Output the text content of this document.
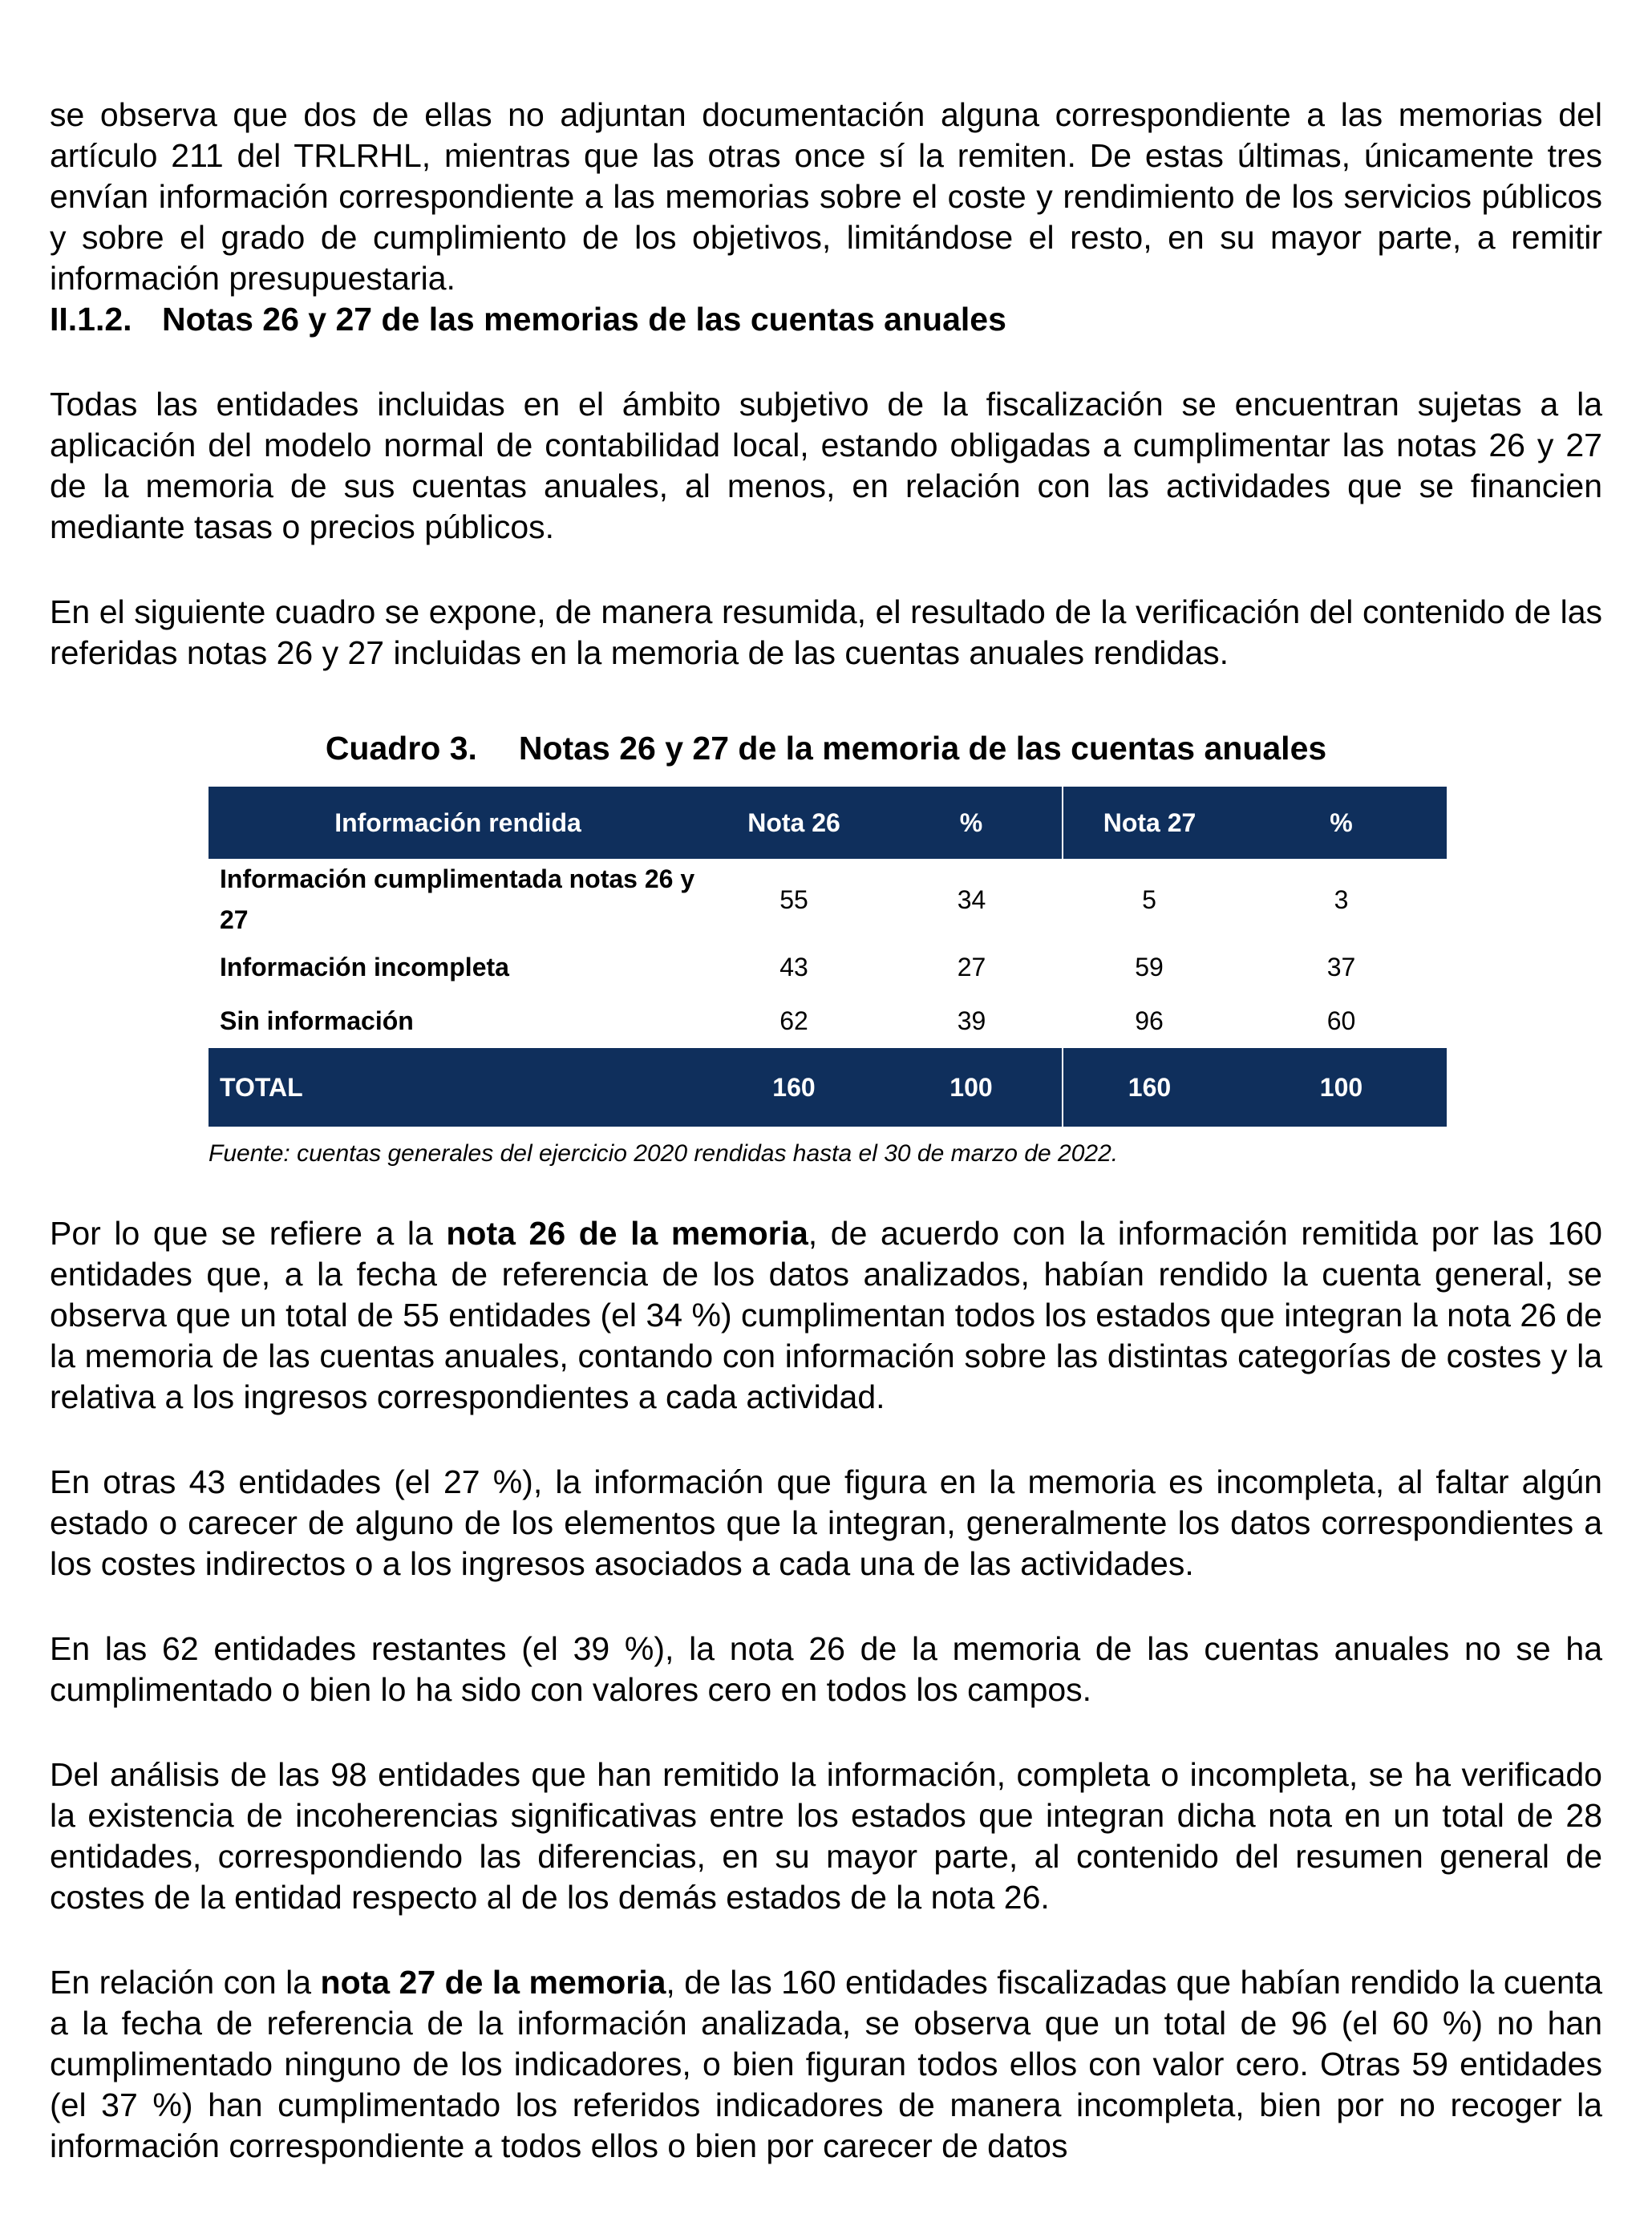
se observa que dos de ellas no adjuntan documentación alguna correspondiente a las memorias del artículo 211 del TRLRHL, mientras que las otras once sí la remiten. De estas últimas, únicamente tres envían información correspondiente a las memorias sobre el coste y rendimiento de los servicios públicos y sobre el grado de cumplimiento de los objetivos, limitándose el resto, en su mayor parte, a remitir información presupuestaria.

II.1.2. Notas 26 y 27 de las memorias de las cuentas anuales

Todas las entidades incluidas en el ámbito subjetivo de la fiscalización se encuentran sujetas a la aplicación del modelo normal de contabilidad local, estando obligadas a cumplimentar las notas 26 y 27 de la memoria de sus cuentas anuales, al menos, en relación con las actividades que se financien mediante tasas o precios públicos.

En el siguiente cuadro se expone, de manera resumida, el resultado de la verificación del contenido de las referidas notas 26 y 27 incluidas en la memoria de las cuentas anuales rendidas.

Cuadro 3. Notas 26 y 27 de la memoria de las cuentas anuales

Información rendida	Nota 26	%	Nota 27	%
Información cumplimentada notas 26 y 27	55	34	5	3
Información incompleta	43	27	59	37
Sin información	62	39	96	60
TOTAL	160	100	160	100

Fuente: cuentas generales del ejercicio 2020 rendidas hasta el 30 de marzo de 2022.

Por lo que se refiere a la nota 26 de la memoria, de acuerdo con la información remitida por las 160 entidades que, a la fecha de referencia de los datos analizados, habían rendido la cuenta general, se observa que un total de 55 entidades (el 34 %) cumplimentan todos los estados que integran la nota 26 de la memoria de las cuentas anuales, contando con información sobre las distintas categorías de costes y la relativa a los ingresos correspondientes a cada actividad.

En otras 43 entidades (el 27 %), la información que figura en la memoria es incompleta, al faltar algún estado o carecer de alguno de los elementos que la integran, generalmente los datos correspondientes a los costes indirectos o a los ingresos asociados a cada una de las actividades.

En las 62 entidades restantes (el 39 %), la nota 26 de la memoria de las cuentas anuales no se ha cumplimentado o bien lo ha sido con valores cero en todos los campos.

Del análisis de las 98 entidades que han remitido la información, completa o incompleta, se ha verificado la existencia de incoherencias significativas entre los estados que integran dicha nota en un total de 28 entidades, correspondiendo las diferencias, en su mayor parte, al contenido del resumen general de costes de la entidad respecto al de los demás estados de la nota 26.

En relación con la nota 27 de la memoria, de las 160 entidades fiscalizadas que habían rendido la cuenta a la fecha de referencia de la información analizada, se observa que un total de 96 (el 60 %) no han cumplimentado ninguno de los indicadores, o bien figuran todos ellos con valor cero. Otras 59 entidades (el 37 %) han cumplimentado los referidos indicadores de manera incompleta, bien por no recoger la información correspondiente a todos ellos o bien por carecer de datos
